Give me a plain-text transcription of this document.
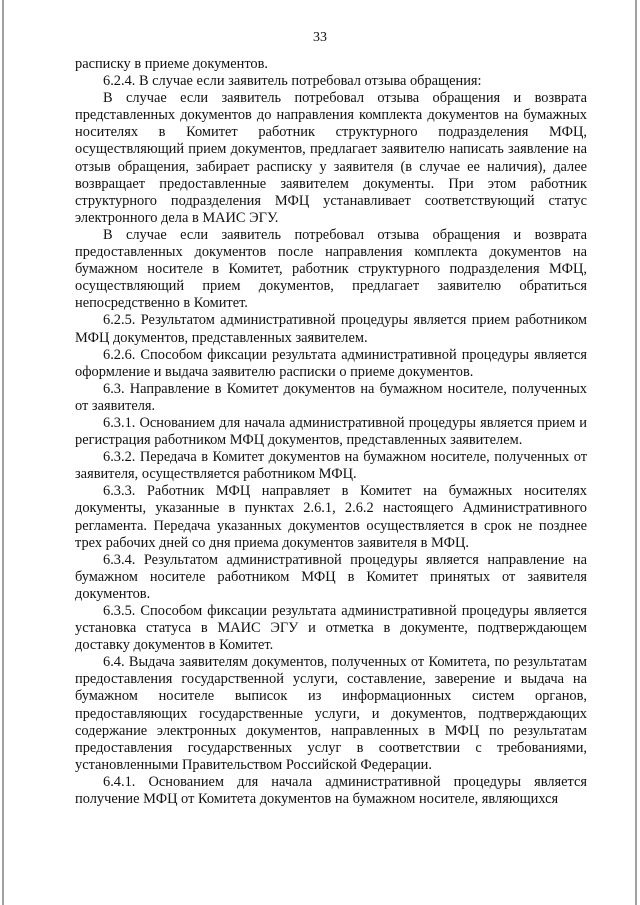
33

расписку в приеме документов.

6.2.4. В случае если заявитель потребовал отзыва обращения:

В случае если заявитель потребовал отзыва обращения и возврата представленных документов до направления комплекта документов на бумажных носителях в Комитет работник структурного подразделения МФЦ, осуществляющий прием документов, предлагает заявителю написать заявление на отзыв обращения, забирает расписку у заявителя (в случае ее наличия), далее возвращает предоставленные заявителем документы. При этом работник структурного подразделения МФЦ устанавливает соответствующий статус электронного дела в МАИС ЭГУ.

В случае если заявитель потребовал отзыва обращения и возврата предоставленных документов после направления комплекта документов на бумажном носителе в Комитет, работник структурного подразделения МФЦ, осуществляющий прием документов, предлагает заявителю обратиться непосредственно в Комитет.

6.2.5. Результатом административной процедуры является прием работником МФЦ документов, представленных заявителем.

6.2.6. Способом фиксации результата административной процедуры является оформление и выдача заявителю расписки о приеме документов.

6.3. Направление в Комитет документов на бумажном носителе, полученных от заявителя.

6.3.1. Основанием для начала административной процедуры является прием и регистрация работником МФЦ документов, представленных заявителем.

6.3.2. Передача в Комитет документов на бумажном носителе, полученных от заявителя, осуществляется работником МФЦ.

6.3.3. Работник МФЦ направляет в Комитет на бумажных носителях документы, указанные в пунктах 2.6.1, 2.6.2 настоящего Административного регламента. Передача указанных документов осуществляется в срок не позднее трех рабочих дней со дня приема документов заявителя в МФЦ.

6.3.4. Результатом административной процедуры является направление на бумажном носителе работником МФЦ в Комитет принятых от заявителя документов.

6.3.5. Способом фиксации результата административной процедуры является установка статуса в МАИС ЭГУ и отметка в документе, подтверждающем доставку документов в Комитет.

6.4. Выдача заявителям документов, полученных от Комитета, по результатам предоставления государственной услуги, составление, заверение и выдача на бумажном носителе выписок из информационных систем органов, предоставляющих государственные услуги, и документов, подтверждающих содержание электронных документов, направленных в МФЦ по результатам предоставления государственных услуг в соответствии с требованиями, установленными Правительством Российской Федерации.

6.4.1. Основанием для начала административной процедуры является получение МФЦ от Комитета документов на бумажном носителе, являющихся
